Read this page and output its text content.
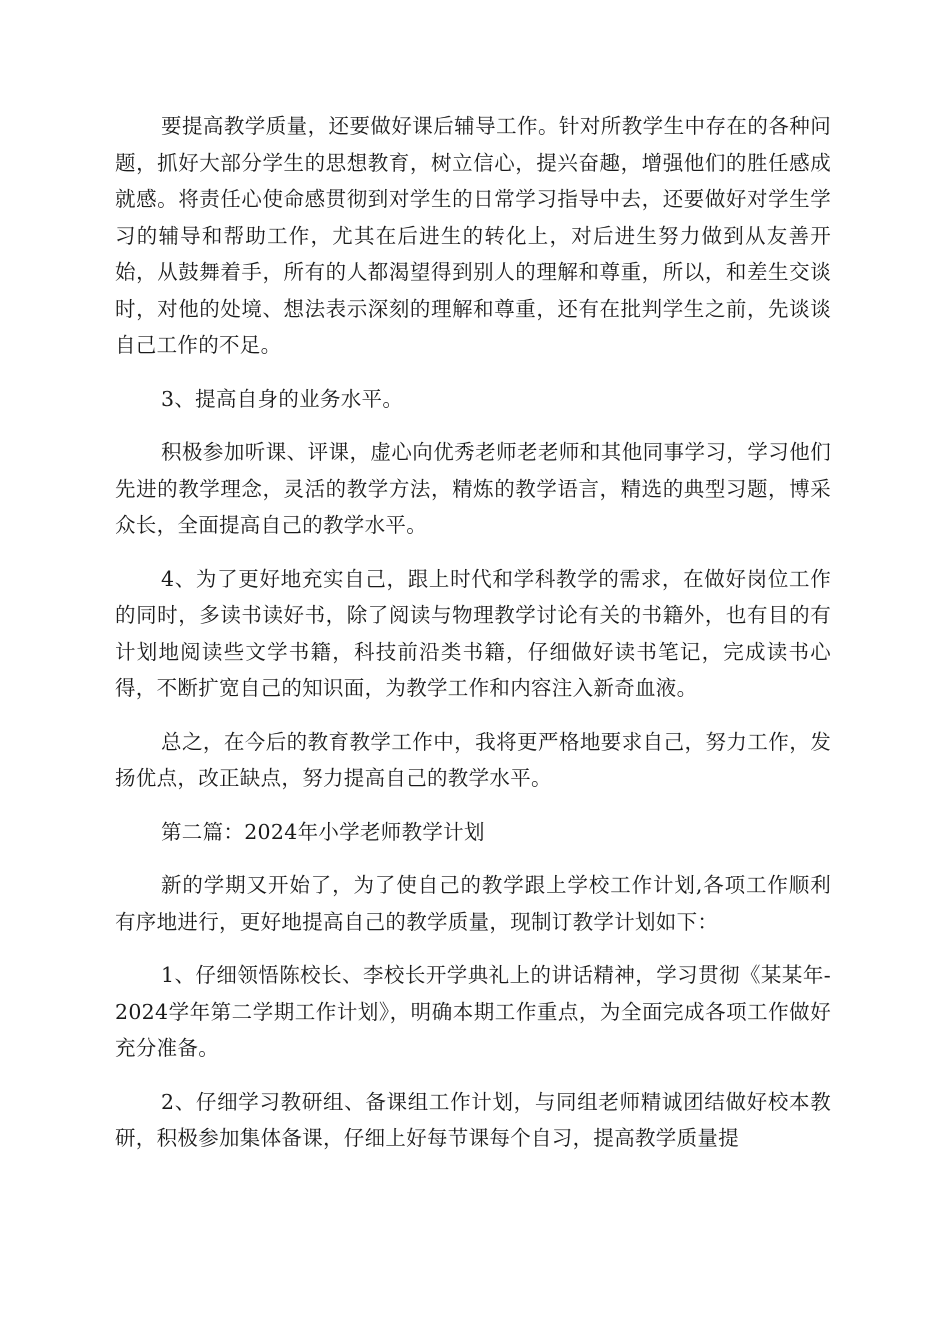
要提高教学质量，还要做好课后辅导工作。针对所教学生中存在的各种问题，抓好大部分学生的思想教育，树立信心，提兴奋趣，增强他们的胜任感成就感。将责任心使命感贯彻到对学生的日常学习指导中去，还要做好对学生学习的辅导和帮助工作，尤其在后进生的转化上，对后进生努力做到从友善开始，从鼓舞着手，所有的人都渴望得到别人的理解和尊重，所以，和差生交谈时，对他的处境、想法表示深刻的理解和尊重，还有在批判学生之前，先谈谈自己工作的不足。

3、提高自身的业务水平。

积极参加听课、评课，虚心向优秀老师老老师和其他同事学习，学习他们先进的教学理念，灵活的教学方法，精炼的教学语言，精选的典型习题，博采众长，全面提高自己的教学水平。

4、为了更好地充实自己，跟上时代和学科教学的需求，在做好岗位工作的同时，多读书读好书，除了阅读与物理教学讨论有关的书籍外，也有目的有计划地阅读些文学书籍，科技前沿类书籍，仔细做好读书笔记，完成读书心得，不断扩宽自己的知识面，为教学工作和内容注入新奇血液。

总之，在今后的教育教学工作中，我将更严格地要求自己，努力工作，发扬优点，改正缺点，努力提高自己的教学水平。

第二篇：2024年小学老师教学计划

新的学期又开始了，为了使自己的教学跟上学校工作计划,各项工作顺利有序地进行，更好地提高自己的教学质量，现制订教学计划如下：

1、仔细领悟陈校长、李校长开学典礼上的讲话精神，学习贯彻《某某年-2024学年第二学期工作计划》，明确本期工作重点，为全面完成各项工作做好充分准备。

2、仔细学习教研组、备课组工作计划，与同组老师精诚团结做好校本教研，积极参加集体备课，仔细上好每节课每个自习，提高教学质量提
